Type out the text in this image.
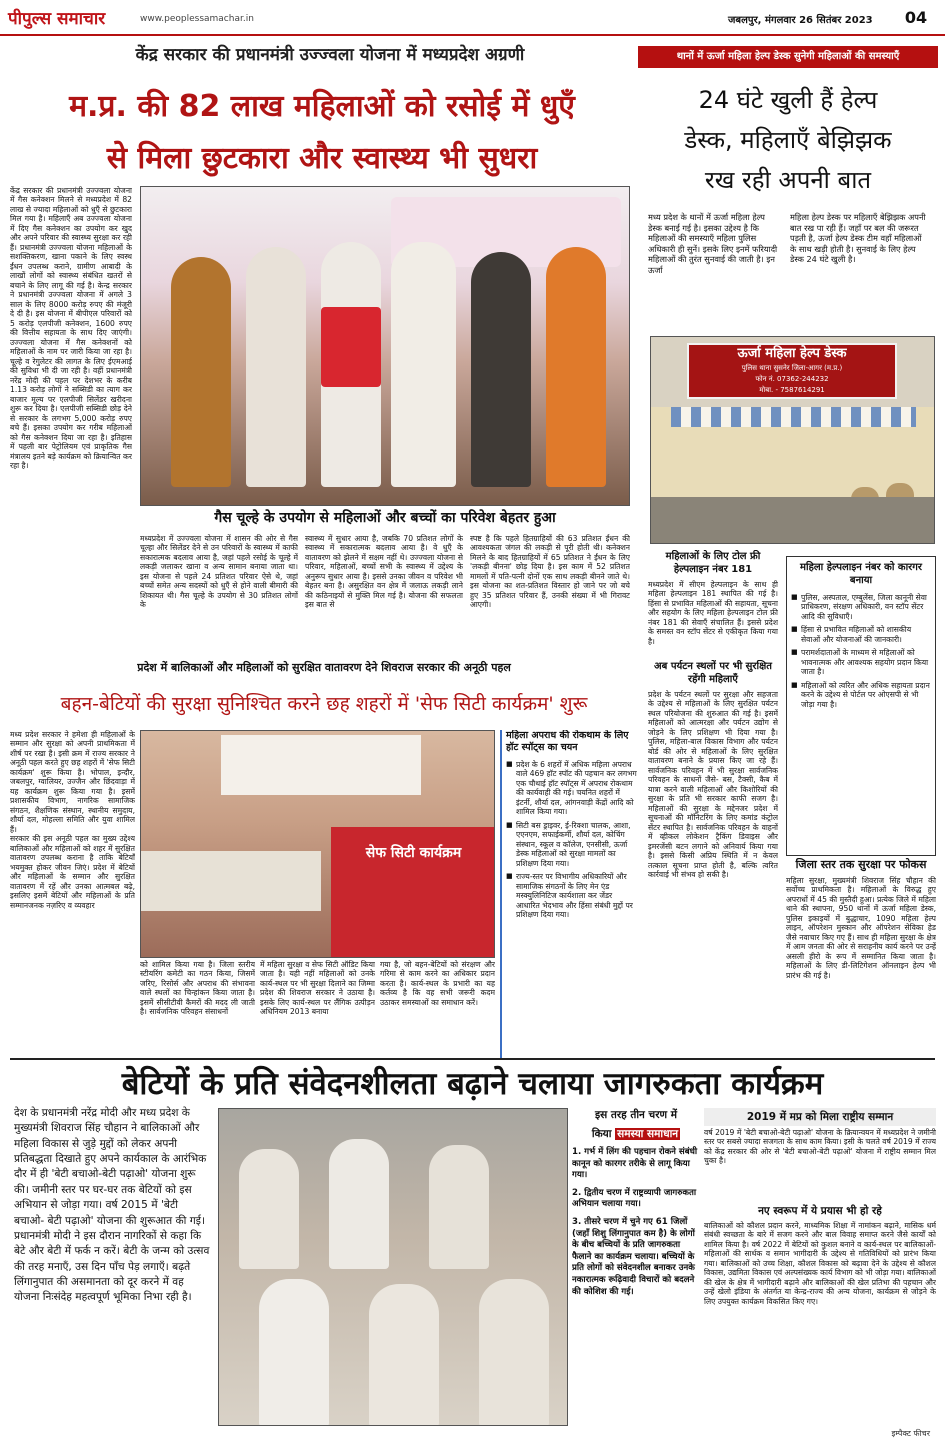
पीपुल्स समाचार	www.peoplessamachar.in	जबलपुर, मंगलवार 26 सितंबर 2023	04
केंद्र सरकार की प्रधानमंत्री उज्ज्वला योजना में मध्यप्रदेश अग्रणी
म.प्र. की 82 लाख महिलाओं को रसोई में धुएँ
से मिला छुटकारा और स्वास्थ्य भी सुधरा

केंद्र सरकार की प्रधानमंत्री उज्ज्वला योजना में गैस कनेक्शन मिलने से मध्यप्रदेश में 82 लाख से ज्यादा महिलाओं को धुएँ से छुटकारा मिल गया है। महिलाएँ अब उज्ज्वला योजना में दिए गैस कनेक्शन का उपयोग कर खुद और अपने परिवार की स्वास्थ्य सुरक्षा कर रही हैं। प्रधानमंत्री उज्ज्वला योजना महिलाओं के सशक्तिकरण, खाना पकाने के लिए स्वस्थ ईंधन उपलब्ध कराने, ग्रामीण आबादी के लाखों लोगों को स्वास्थ्य संबंधित खतरों से बचाने के लिए लागू की गई है। केन्द्र सरकार ने प्रधानमंत्री उज्ज्वला योजना में अगले 3 साल के लिए 8000 करोड़ रुपए की मंजूरी दे दी है। इस योजना में बीपीएल परिवारों को 5 करोड़ एलपीजी कनेक्शन, 1600 रुपए की वित्तीय सहायता के साथ दिए जाएंगी। उज्ज्वला योजना में गैस कनेक्शनों को महिलाओं के नाम पर जारी किया जा रहा है। चूल्हे व रेगुलेटर की लागत के लिए ईएमआई की सुविधा भी दी जा रही है। वहीं प्रधानमंत्री नरेंद्र मोदी की पहल पर देशभर के करीब 1.13 करोड़ लोगों ने सब्सिडी का त्याग कर बाजार मूल्य पर एलपीजी सिलेंडर खरीदना शुरू कर दिया है। एलपीजी सब्सिडी छोड़ देने से सरकार के लगभग 5,000 करोड़ रुपए बचे हैं। इसका उपयोग कर गरीब महिलाओं को गैस कनेक्शन दिया जा रहा है। इतिहास में पहली बार पेट्रोलियम एवं प्राकृतिक गैस मंत्रालय इतने बड़े कार्यक्रम को क्रियान्वित कर रहा है।

गैस चूल्हे के उपयोग से महिलाओं और बच्चों का परिवेश बेहतर हुआ

मध्यप्रदेश में उज्ज्वला योजना में शासन की ओर से गैस चूल्हा और सिलेंडर देने से उन परिवारों के स्वास्थ्य में काफी सकारात्मक बदलाव आया है, जहां पहले रसोई के चूल्हे में लकड़ी जलाकर खाना व अन्य सामान बनाया जाता था। इस योजना से पहले 24 प्रतिशत परिवार ऐसे थे, जहां बच्चों समेत अन्य सदस्यों को धुएँ से होने वाली बीमारी की शिकायत थी। गैस चूल्हे के उपयोग से 30 प्रतिशत लोगों के

स्वास्थ्य में सुधार आया है, जबकि 70 प्रतिशत लोगों के स्वास्थ्य में सकारात्मक बदलाव आया है। वे धुएँ के वातावरण को झेलने में सक्षम नहीं थे। उज्ज्वला योजना से परिवार, महिलाओं, बच्चों सभी के स्वास्थ्य में उद्देश्य के अनुरूप सुधार आया है। इससे उनका जीवन व परिवेश भी बेहतर बना है। असुरक्षित वन क्षेत्र में जलाऊ लकड़ी लाने की कठिनाइयों से मुक्ति मिल गई है। योजना की सफलता इस बात से

स्पष्ट है कि पहले हितग्राहियों की 63 प्रतिशत ईंधन की आवश्यकता जंगल की लकड़ी से पूरी होती थी। कनेक्शन मिलने के बाद हितग्राहियों में 65 प्रतिशत ने ईंधन के लिए 'लकड़ी बीनना' छोड़ दिया है। इस काम में 52 प्रतिशत मामलों में पति-पत्नी दोनों एक साथ लकड़ी बीनने जाते थे। इस योजना का शत-प्रतिशत विस्तार हो जाने पर जो बचे हुए 35 प्रतिशत परिवार हैं, उनकी संख्या में भी गिरावट आएगी।

थानों में ऊर्जा महिला हेल्प डेस्क सुनेगी महिलाओं की समस्याएँ
24 घंटे खुली हैं हेल्प
डेस्क, महिलाएँ बेझिझक
रख रही अपनी बात

मध्य प्रदेश के थानों में ऊर्जा महिला हेल्प डेस्क बनाई गई है। इसका उद्देश्य है कि महिलाओं की समस्याएँ महिला पुलिस अधिकारी ही सुनें। इसके लिए इनमें फरियादी महिलाओं की तुरंत सुनवाई की जाती है। इन ऊर्जा

महिला हेल्प डेस्क पर महिलाएँ बेझिझक अपनी बात रख पा रही हैं। जहाँ पर बल की जरूरत पड़ती है, ऊर्जा हेल्प डेस्क टीम वहाँ महिलाओं के साथ खड़ी होती है। सुनवाई के लिए हेल्प डेस्क 24 घंटे खुली है।

ऊर्जा महिला हेल्प डेस्क
पुलिस थाना सुसनेर जिला-आगर (म.प्र.)
फोन नं. 07362-244232
मोबा. - 7587614291
महिलाओं के लिए टोल फ्री हेल्पलाइन नंबर 181

मध्यप्रदेश में सीएम हेल्पलाइन के साथ ही महिला हेल्पलाइन 181 स्थापित की गई है। हिंसा से प्रभावित महिलाओं की सहायता, सूचना और सहयोग के लिए महिला हेल्पलाइन टोल फ्री नंबर 181 की सेवाएँ संचालित हैं। इससे प्रदेश के समस्त वन स्टॉप सेंटर से एकीकृत किया गया है।

अब पर्यटन स्थलों पर भी सुरक्षित रहेंगी महिलाएँ

प्रदेश के पर्यटन स्थलों पर सुरक्षा और सहजता के उद्देश्य से महिलाओं के लिए सुरक्षित पर्यटन स्थल परियोजना की शुरुआत की गई है। इसमें महिलाओं को आत्मरक्षा और पर्यटन उद्योग से जोड़ने के लिए प्रशिक्षण भी दिया गया है। पुलिस, महिला-बाल विकास विभाग और पर्यटन बोर्ड की ओर से महिलाओं के लिए सुरक्षित वातावरण बनाने के प्रयास किए जा रहे हैं। सार्वजनिक परिवहन में भी सुरक्षा सार्वजनिक परिवहन के साधनों जैसे- बस, टैक्सी, कैब में यात्रा करने वाली महिलाओं और किशोरियों की सुरक्षा के प्रति भी सरकार काफी सजग है। महिलाओं की सुरक्षा के मद्देनजर प्रदेश में सूचनाओं की मॉनिटरिंग के लिए कमांड कंट्रोल सेंटर स्थापित है। सार्वजनिक परिवहन के वाहनों में व्हीकल लोकेशन ट्रैकिंग डिवाइस और इमरजेंसी बटन लगाने को अनिवार्य किया गया है। इससे किसी अप्रिय स्थिति में न केवल तत्काल सूचना प्राप्त होती है, बल्कि त्वरित कार्रवाई भी संभव हो सकी है।

महिला हेल्पलाइन नंबर को कारगर बनाया
■ पुलिस, अस्पताल, एम्बुलेंस, जिला कानूनी सेवा प्राधिकरण, संरक्षण अधिकारी, वन स्टॉप सेंटर आदि की सुविधाएँ।
■ हिंसा से प्रभावित महिलाओं को शासकीय सेवाओं और योजनाओं की जानकारी।
■ परामर्शदाताओं के माध्यम से महिलाओं को भावनात्मक और आवश्यक सहयोग प्रदान किया जाता है।
■ महिलाओं को त्वरित और अधिक सहायता प्रदान करने के उद्देश्य से पोर्टल पर ओएसपी से भी जोड़ा गया है।
जिला स्तर तक सुरक्षा पर फोकस

महिला सुरक्षा, मुख्यमंत्री शिवराज सिंह चौहान की सर्वोच्च प्राथमिकता है। महिलाओं के विरुद्ध हुए अपराधों में 45 की मुस्तैदी हुआ। प्रत्येक जिले में महिला थाने की स्थापना, 950 थानों में ऊर्जा महिला डेस्क, पुलिस इकाइयों में बुद्धाचार, 1090 महिला हेल्प लाइन, ऑपरेशन मुस्कान और ऑपरेशन सेविका हेड जैसे नवाचार किए गए हैं। साथ ही महिला सुरक्षा के क्षेत्र में आम जनता की ओर से सराहनीय कार्य करने पर उन्हें असली हीरो के रूप में सम्मानित किया जाता है। महिलाओं के लिए डी-लिटिगेशन ऑनलाइन हेल्प भी प्रारंभ की गई है।

प्रदेश में बालिकाओं और महिलाओं को सुरक्षित वातावरण देने शिवराज सरकार की अनूठी पहल
बहन-बेटियों की सुरक्षा सुनिश्चित करने छह शहरों में 'सेफ सिटी कार्यक्रम' शुरू

मध्य प्रदेश सरकार ने हमेशा ही महिलाओं के सम्मान और सुरक्षा को अपनी प्राथमिकता में शीर्ष पर रखा है। इसी क्रम में राज्य सरकार ने अनूठी पहल करते हुए छह शहरों में 'सेफ सिटी कार्यक्रम' शुरू किया है। भोपाल, इन्दौर, जबलपुर, ग्वालियर, उज्जैन और छिंदवाड़ा में यह कार्यक्रम शुरू किया गया है। इसमें प्रशासकीय विभाग, नागरिक सामाजिक संगठन, शैक्षणिक संस्थान, स्थानीय समुदाय, शौर्या दल, मोहल्ला समिति और युवा शामिल हैं।
सरकार की इस अनूठी पहल का मुख्य उद्देश्य बालिकाओं और महिलाओं को शहर में सुरक्षित वातावरण उपलब्ध कराना है ताकि बेटियाँ भयमुक्त होकर जीवन जिएं। प्रदेश में बेटियों और महिलाओं के सम्मान और सुरक्षित वातावरण में रहें और उनका आत्मबल बढ़े, इसलिए इसमें बेटियों और महिलाओं के प्रति सम्मानजनक नज़रिए व व्यवहार

सेफ सिटी कार्यक्रम

को शामिल किया गया है। जिला स्तरीय स्टीयरिंग कमेटी का गठन किया, जिसमें जरिए, रिसोर्स और अपराध की संभावना वाले स्थलों का चिन्हांकन किया जाता है। इसमें सीसीटीवी कैमरों की मदद ली जाती है। सार्वजनिक परिवहन संसाधनों

में महिला सुरक्षा व सेफ सिटी ऑडिट किया जाता है। यही नहीं महिलाओं को उनके कार्य-स्थल पर भी सुरक्षा दिलाने का जिम्मा प्रदेश की शिवराज सरकार ने उठाया है। इसके लिए कार्य-स्थल पर लैंगिक उत्पीड़न अधिनियम 2013 बनाया

गया है, जो बहन-बेटियों को संरक्षण और गरिमा से काम करने का अधिकार प्रदान करता है। कार्य-स्थल के प्रभारी का यह कर्तव्य है कि वह सभी जरूरी कदम उठाकर समस्याओं का समाधान करें।

महिला अपराध की रोकथाम के लिए हॉट स्पॉट्स का चयन
■ प्रदेश के 6 शहरों में अधिक महिला अपराध वाले 469 हॉट स्पॉट की पहचान कर लगभग एक चौथाई हॉट स्पॉट्स में अपराध रोकथाम की कार्यवाही की गई। चयनित शहरों में इंटर्नी, शौर्या दल, आंगनवाड़ी केंद्रों आदि को शामिल किया गया।
■ सिटी बस ड्राइवर, ई-रिक्शा चालक, आशा, एएनएम, सफाईकर्मी, शौर्या दल, कोचिंग संस्थान, स्कूल व कॉलेज, एनसीसी, ऊर्जा डेस्क महिलाओं को सुरक्षा मामलों का प्रशिक्षण दिया गया।
■ राज्य-स्तर पर विभागीय अधिकारियों और सामाजिक संगठनों के लिए मेन एंड मस्क्युलिनिटिज कार्यशाला कर जेंडर आधारित भेदभाव और हिंसा संबंधी मुद्दों पर प्रशिक्षण दिया गया।
बेटियों के प्रति संवेदनशीलता बढ़ाने चलाया जागरुकता कार्यक्रम

देश के प्रधानमंत्री नरेंद्र मोदी और मध्य प्रदेश के मुख्यमंत्री शिवराज सिंह चौहान ने बालिकाओं और महिला विकास से जुड़े मुद्दों को लेकर अपनी प्रतिबद्धता दिखाते हुए अपने कार्यकाल के आरंभिक दौर में ही 'बेटी बचाओ-बेटी पढ़ाओ' योजना शुरू की। जमीनी स्तर पर घर-घर तक बेटियों को इस अभियान से जोड़ा गया। वर्ष 2015 में 'बेटी बचाओ- बेटी पढ़ाओ' योजना की शुरूआत की गई। प्रधानमंत्री मोदी ने इस दौरान नागरिकों से कहा कि बेटे और बेटी में फर्क न करें। बेटी के जन्म को उत्सव की तरह मनाएँ, उस दिन पाँच पेड़ लगाएँ। बढ़ते लिंगानुपात की असमानता को दूर करने में वह योजना निःसंदेह महत्वपूर्ण भूमिका निभा रही है।

इस तरह तीन चरण में
किया समस्या समाधान
1. गर्भ में लिंग की पहचान रोकने संबंधी कानून को कारगर तरीके से लागू किया गया।
2. द्वितीय चरण में राष्ट्रव्यापी जागरुकता अभियान चलाया गया।
3. तीसरे चरण में चुने गए 61 जिलों (जहाँ शिशु लिंगानुपात कम है) के लोगों के बीच बच्चियों के प्रति जागरुकता फैलाने का कार्यक्रम चलाया। बच्चियों के प्रति लोगों को संवेदनशील बनाकर उनके नकारात्मक रूढ़िवादी विचारों को बदलने की कोशिश की गई।
2019 में मप्र को मिला राष्ट्रीय सम्मान

वर्ष 2019 में 'बेटी बचाओ-बेटी पढ़ाओ' योजना के क्रियान्वयन में मध्यप्रदेश ने जमीनी स्तर पर सबसे ज्यादा सजगता के साथ काम किया। इसी के चलते वर्ष 2019 में राज्य को केंद्र सरकार की ओर से 'बेटी बचाओ-बेटी पढ़ाओ' योजना में राष्ट्रीय सम्मान मिल चुका है।

नए स्वरूप में ये प्रयास भी हो रहे

बालिकाओं को कौशल प्रदान करने, माध्यमिक शिक्षा में नामांकन बढ़ाने, मासिक धर्म संबंधी स्वच्छता के बारे में सजग करने और बाल विवाह समाप्त करने जैसे कार्यों को शामिल किया है। वर्ष 2022 में बेटियों को कुशल बनाने व कार्य-स्थल पर बालिकाओं-महिलाओं की सार्थक व समान भागीदारी के उद्देश्य से गतिविधियों को प्रारंभ किया गया। बालिकाओं को उच्च शिक्षा, कौशल विकास को बढ़ावा देने के उद्देश्य से कौशल विकास, उद्यमिता विकास एवं अल्पसंख्यक कार्य विभाग को भी जोड़ा गया। बालिकाओं की खेल के क्षेत्र में भागीदारी बढ़ाने और बालिकाओं की खेल प्रतिभा की पहचान और उन्हें खेलो इंडिया के अंतर्गत या केन्द्र-राज्य की अन्य योजना, कार्यक्रम से जोड़ने के लिए उपयुक्त कार्यक्रम विकसित किए गए।

इम्पैक्ट फीचर
